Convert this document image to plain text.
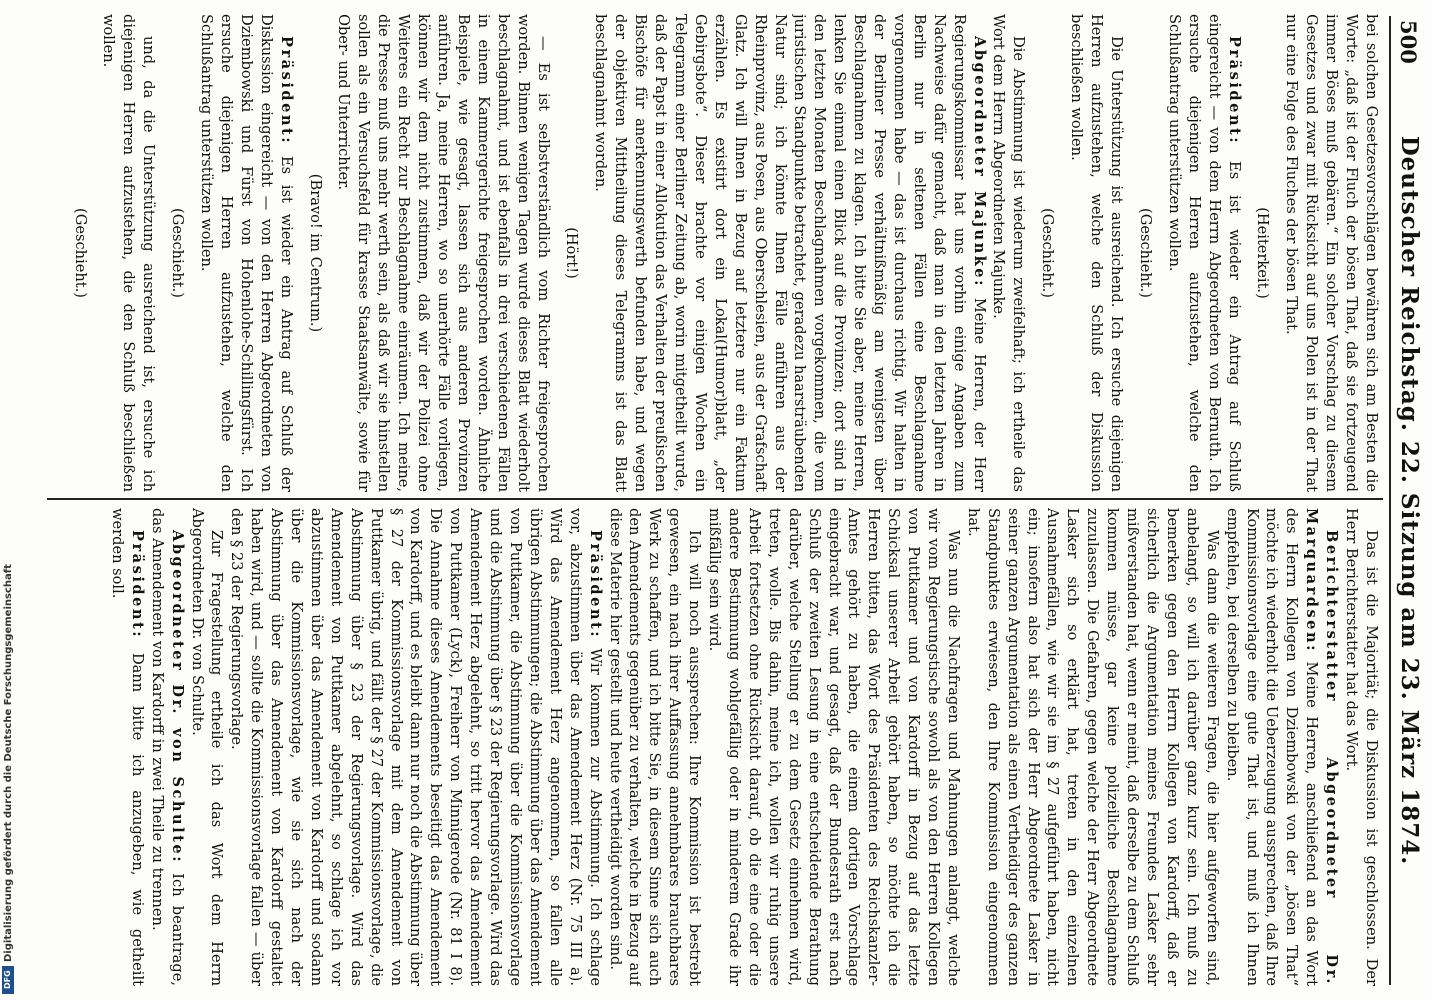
500
Deutscher Reichstag. 22. Sitzung am 23. März 1874.

bei solchen Gesetzesvorschlägen bewähren sich am Besten die Worte: „daß ist der Fluch der bösen That, daß sie fortzeugend immer Böses muß gebären.“ Ein solcher Vorschlag zu diesem Gesetzes und zwar mit Rücksicht auf uns Polen ist in der That nur eine Folge des Fluches der bösen That.

(Heiterkeit.)

Präsident: Es ist wieder ein Antrag auf Schluß eingereicht — von dem Herrn Abgeordneten von Bernuth. Ich ersuche diejenigen Herren aufzustehen, welche den Schlußantrag unterstützen wollen.

(Geschieht.)

Die Unterstützung ist ausreichend. Ich ersuche diejenigen Herren aufzustehen, welche den Schluß der Diskussion beschließen wollen.

(Geschieht.)

Die Abstimmung ist wiederum zweifelhaft; ich ertheile das Wort dem Herrn Abgeordneten Majunke.

Abgeordneter Majunke: Meine Herren, der Herr Regierungskommissar hat uns vorhin einige Angaben zum Nachweise dafür gemacht, daß man in den letzten Jahren in Berlin nur in seltenen Fällen eine Beschlagnahme vorgenommen habe — das ist durchaus richtig. Wir halten in der Berliner Presse verhältnißmäßig am wenigsten über Beschlagnahmen zu klagen. Ich bitte Sie aber, meine Herren, lenken Sie einmal einen Blick auf die Provinzen; dort sind in den letzten Monaten Beschlagnahmen vorgekommen, die vom juristischen Standpunkte betrachtet, geradezu haarsträubenden Natur sind; ich könnte Ihnen Fälle anführen aus der Rheinprovinz, aus Posen, aus Oberschlesien, aus der Grafschaft Glatz. Ich will Ihnen in Bezug auf letztere nur ein Faktum erzählen. Es existirt dort ein Lokal(Humor)blatt, „der Gebirgsbote“. Dieser brachte vor einigen Wochen ein Telegramm einer Berliner Zeitung ab, worin mitgetheilt wurde, daß der Papst in einer Allokution das Verhalten der preußischen Bischöfe für anerkennungswerth befunden habe, und wegen der objektiven Mittheilung dieses Telegramms ist das Blatt beschlagnahmt worden.

(Hört!)

— Es ist selbstverständlich vom Richter freigesprochen worden. Binnen wenigen Tagen wurde dieses Blatt wiederholt beschlagnahmt, und ist ebenfalls in drei verschiedenen Fällen in einem Kammergerichte freigesprochen worden. Ähnliche Beispiele, wie gesagt, lassen sich aus anderen Provinzen anführen. Ja, meine Herren, wo so unerhörte Fälle vorliegen, können wir dem nicht zustimmen, daß wir der Polizei ohne Weiteres ein Recht zur Beschlagnahme einräumen. Ich meine, die Presse muß uns mehr werth sein, als daß wir sie hinstellen sollen als ein Versuchsfeld für krasse Staatsanwälte, sowie für Ober- und Unterrichter.

(Bravo! im Centrum.)

Präsident: Es ist wieder ein Antrag auf Schluß der Diskussion eingereicht — von den Herren Abgeordneten von Dziembowski und Fürst von Hohenlohe-Schillingsfürst. Ich ersuche diejenigen Herren aufzustehen, welche den Schlußantrag unterstützen wollen.

(Geschieht.)

und, da die Unterstützung ausreichend ist, ersuche ich diejenigen Herren aufzustehen, die den Schluß beschließen wollen.

(Geschieht.)

Das ist die Majorität; die Diskussion ist geschlossen. Der Herr Berichterstatter hat das Wort.

Berichterstatter Abgeordneter Dr. Marquardsen: Meine Herren, anschließend an das Wort des Herrn Kollegen von Dziembowski von der „bösen That“ möchte ich wiederholt die Ueberzeugung aussprechen, daß Ihre Kommissionsvorlage eine gute That ist, und muß ich Ihnen empfehlen, bei derselben zu bleiben.

Was dann die weiteren Fragen, die hier aufgeworfen sind, anbelangt, so will ich darüber ganz kurz sein. Ich muß zu bemerken gegen den Herrn Kollegen von Kardorff, daß er sicherlich die Argumentation meines Freundes Lasker sehr mißverstanden hat, wenn er meint, daß derselbe zu dem Schluß kommen müsse, gar keine polizeiliche Beschlagnahme zuzulassen. Die Gefahren, gegen welche der Herr Abgeordnete Lasker sich so erklärt hat, treten in den einzelnen Ausnahmefällen, wie wir sie im § 27 aufgeführt haben, nicht ein; insofern also hat sich der Herr Abgeordnete Lasker in seiner ganzen Argumentation als einen Vertheidiger des ganzen Standpunktes erwiesen, den Ihre Kommission eingenommen hat.

Was nun die Nachfragen und Mahnungen anlangt, welche wir vom Regierungstische sowohl als von den Herren Kollegen von Puttkamer und von Kardorff in Bezug auf das letzte Schicksal unserer Arbeit gehört haben, so möchte ich die Herren bitten, das Wort des Präsidenten des Reichskanzler-Amtes gehört zu haben, die einem dortigen Vorschlage eingebracht war, und gesagt, daß der Bundesrath erst nach Schluß der zweiten Lesung in eine entscheidende Berathung darüber, welche Stellung er zu dem Gesetz einnehmen wird, treten, wolle. Bis dahin, meine ich, wollen wir ruhig unsere Arbeit fortsetzen ohne Rücksicht darauf, ob die eine oder die andere Bestimmung wohlgefällig oder in minderem Grade ihr mißfällig sein wird.

Ich will noch aussprechen: Ihre Kommission ist bestrebt gewesen, ein nach ihrer Auffassung annehmbares brauchbares Werk zu schaffen, und ich bitte Sie, in diesem Sinne sich auch den Amendements gegenüber zu verhalten, welche in Bezug auf diese Materie hier gestellt und heute vertheidigt worden sind.

Präsident: Wir kommen zur Abstimmung. Ich schlage vor, abzustimmen über das Amendement Herz (Nr. 75 III a). Wird das Amendement Herz angenommen, so fallen alle übrigen Abstimmungen; die Abstimmung über das Amendement von Puttkamer, die Abstimmung über die Kommissionsvorlage und die Abstimmung über § 23 der Regierungsvorlage. Wird das Amendement Herz abgelehnt, so tritt hervor das Amendement von Puttkamer (Lyck), Freiherr von Minnigerode (Nr. 81 I 8). Die Annahme dieses Amendements beseitigt das Amendement von Kardorff, und es bleibt dann nur noch die Abstimmung über § 27 der Kommissionsvorlage mit dem Amendement von Puttkamer übrig, und fällt der § 27 der Kommissionsvorlage, die Abstimmung über § 23 der Regierungsvorlage. Wird das Amendement von Puttkamer abgelehnt, so schlage ich vor abzustimmen über das Amendement von Kardorff und sodann über die Kommissionsvorlage, wie sie sich nach der Abstimmung über das Amendement von Kardorff gestaltet haben wird, und — sollte die Kommissionsvorlage fallen — über den § 23 der Regierungsvorlage.

Zur Fragestellung ertheile ich das Wort dem Herrn Abgeordneten Dr. von Schulte.

Abgeordneter Dr. von Schulte: Ich beantrage, das Amendement von Kardorff in zwei Theile zu trennen.

Präsident: Dann bitte ich anzugeben, wie getheilt werden soll.

Digitalisierung gefördert durch die Deutsche Forschungsgemeinschaft
DFG
